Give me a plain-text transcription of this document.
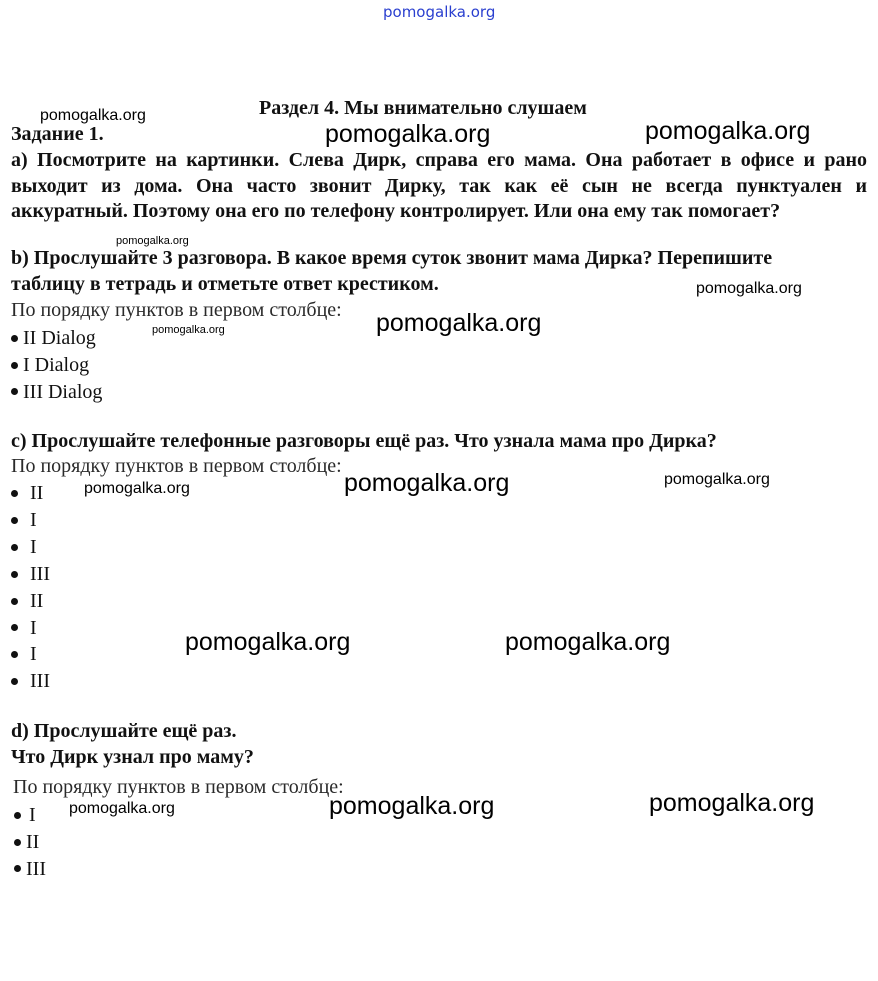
pomogalka.org
Раздел 4. Мы внимательно слушаем
Задание 1.
a) Посмотрите на картинки. Слева Дирк, справа его мама. Она работает в офисе и рано выходит из дома. Она часто звонит Дирку, так как её сын не всегда пунктуален и аккуратный. Поэтому она его по телефону контролирует. Или она ему так помогает?
b) Прослушайте 3 разговора. В какое время суток звонит мама Дирка? Перепишите
таблицу в тетрадь и отметьте ответ крестиком.
По порядку пунктов в первом столбце:
II Dialog
I Dialog
III Dialog
c) Прослушайте телефонные разговоры ещё раз. Что узнала мама про Дирка?
По порядку пунктов в первом столбце:
II
I
I
III
II
I
I
III
d) Прослушайте ещё раз.
Что Дирк узнал про маму?
По порядку пунктов в первом столбце:
I
II
III
pomogalka.org
pomogalka.org	pomogalka.org
pomogalka.org
pomogalka.org
pomogalka.org	pomogalka.org
pomogalka.org	pomogalka.org	pomogalka.org
pomogalka.org	pomogalka.org
pomogalka.org	pomogalka.org	pomogalka.org
